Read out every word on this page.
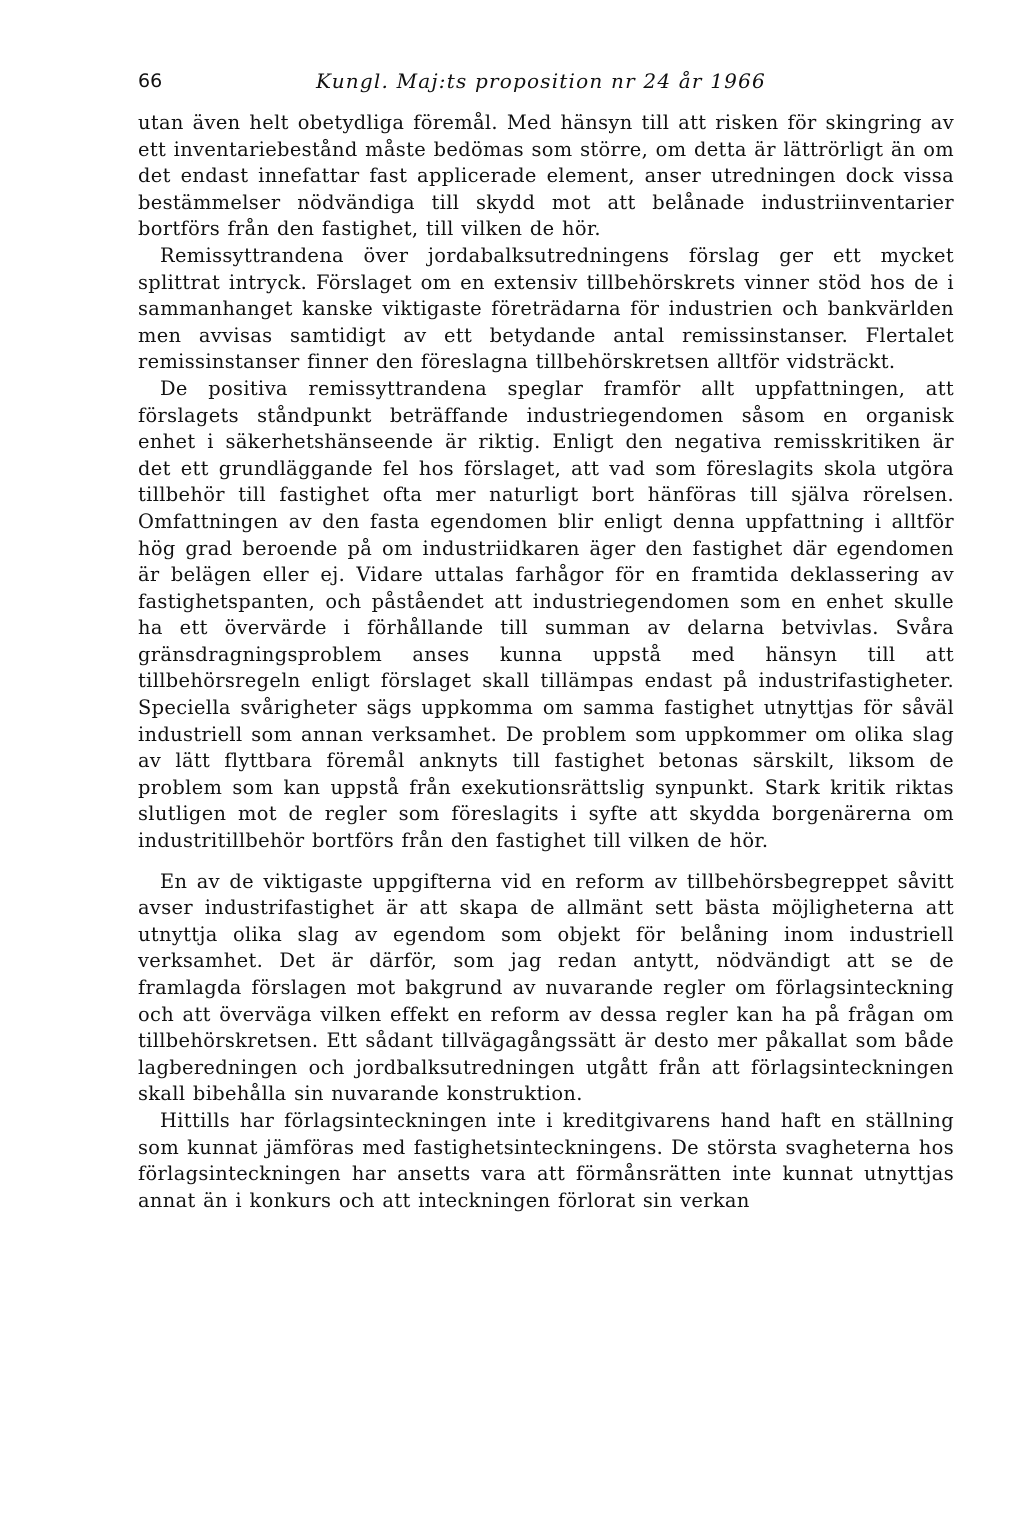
66	Kungl. Maj:ts proposition nr 24 år 1966

utan även helt obetydliga föremål. Med hänsyn till att risken för skingring av ett inventariebestånd måste bedömas som större, om detta är lättrörligt än om det endast innefattar fast applicerade element, anser utredningen dock vissa bestämmelser nödvändiga till skydd mot att belånade industriinventarier bortförs från den fastighet, till vilken de hör.

Remissyttrandena över jordabalksutredningens förslag ger ett mycket splittrat intryck. Förslaget om en extensiv tillbehörskrets vinner stöd hos de i sammanhanget kanske viktigaste företrädarna för industrien och bankvärlden men avvisas samtidigt av ett betydande antal remissinstanser. Flertalet remissinstanser finner den föreslagna tillbehörskretsen alltför vidsträckt.

De positiva remissyttrandena speglar framför allt uppfattningen, att förslagets ståndpunkt beträffande industriegendomen såsom en organisk enhet i säkerhetshänseende är riktig. Enligt den negativa remisskritiken är det ett grundläggande fel hos förslaget, att vad som föreslagits skola utgöra tillbehör till fastighet ofta mer naturligt bort hänföras till själva rörelsen. Omfattningen av den fasta egendomen blir enligt denna uppfattning i alltför hög grad beroende på om industriidkaren äger den fastighet där egendomen är belägen eller ej. Vidare uttalas farhågor för en framtida deklassering av fastighetspanten, och påståendet att industriegendomen som en enhet skulle ha ett övervärde i förhållande till summan av delarna betvivlas. Svåra gränsdragningsproblem anses kunna uppstå med hänsyn till att tillbehörsregeln enligt förslaget skall tillämpas endast på industrifastigheter. Speciella svårigheter sägs uppkomma om samma fastighet utnyttjas för såväl industriell som annan verksamhet. De problem som uppkommer om olika slag av lätt flyttbara föremål anknyts till fastighet betonas särskilt, liksom de problem som kan uppstå från exekutionsrättslig synpunkt. Stark kritik riktas slutligen mot de regler som föreslagits i syfte att skydda borgenärerna om industritillbehör bortförs från den fastighet till vilken de hör.

En av de viktigaste uppgifterna vid en reform av tillbehörsbegreppet såvitt avser industrifastighet är att skapa de allmänt sett bästa möjligheterna att utnyttja olika slag av egendom som objekt för belåning inom industriell verksamhet. Det är därför, som jag redan antytt, nödvändigt att se de framlagda förslagen mot bakgrund av nuvarande regler om förlagsinteckning och att överväga vilken effekt en reform av dessa regler kan ha på frågan om tillbehörskretsen. Ett sådant tillvägagångssätt är desto mer påkallat som både lagberedningen och jordbalksutredningen utgått från att förlagsinteckningen skall bibehålla sin nuvarande konstruktion.

Hittills har förlagsinteckningen inte i kreditgivarens hand haft en ställning som kunnat jämföras med fastighetsinteckningens. De största svagheterna hos förlagsinteckningen har ansetts vara att förmånsrätten inte kunnat utnyttjas annat än i konkurs och att inteckningen förlorat sin verkan
